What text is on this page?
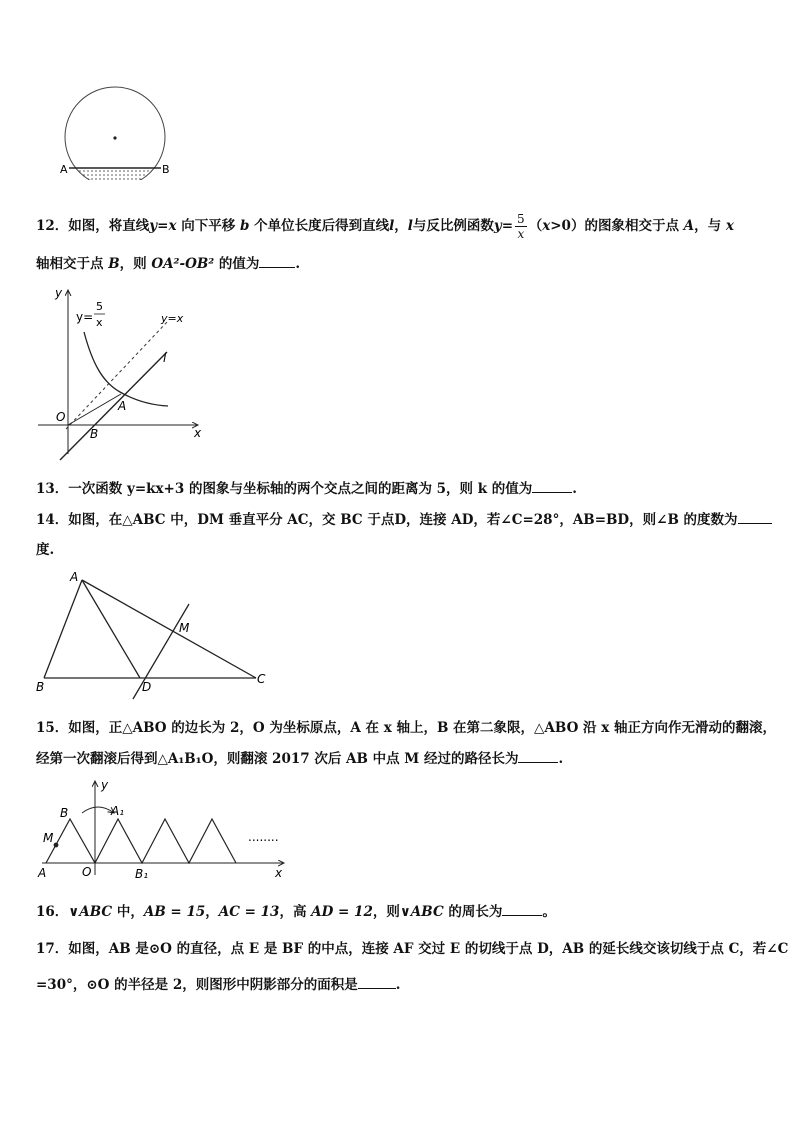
A	B
12．如图，将直线y=x 向下平移 b 个单位长度后得到直线l，l与反比例函数$y= \frac{5}{x} (x>0)$的图象相交于点 A，与 x
轴相交于点 B，则 OA²-OB² 的值为	.
y
x
y=
5
x	y=x
l
O
A
B
13．一次函数 y=kx+3 的图象与坐标轴的两个交点之间的距离为 5，则 k 的值为	.
14．如图，在△ABC 中，DM 垂直平分 AC，交 BC 于点D，连接 AD，若∠C=28°，AB=BD，则∠B 的度数为
度.
A
B
C
D
M
15．如图，正△ABO 的边长为 2，O 为坐标原点，A 在 x 轴上，B 在第二象限，△ABO 沿 x 轴正方向作无滑动的翻滚，
经第一次翻滚后得到△A₁B₁O，则翻滚 2017 次后 AB 中点 M 经过的路径长为	.
........
B
M
A	O
A₁
B₁	x
y
16．∨ABC 中，AB = 15，AC = 13，高 AD = 12，则∨ABC 的周长为	。
17．如图，AB 是⊙O 的直径，点 E 是 BF 的中点，连接 AF 交过 E 的切线于点 D，AB 的延长线交该切线于点 C，若∠C
=30°，⊙O 的半径是 2，则图形中阴影部分的面积是	.
